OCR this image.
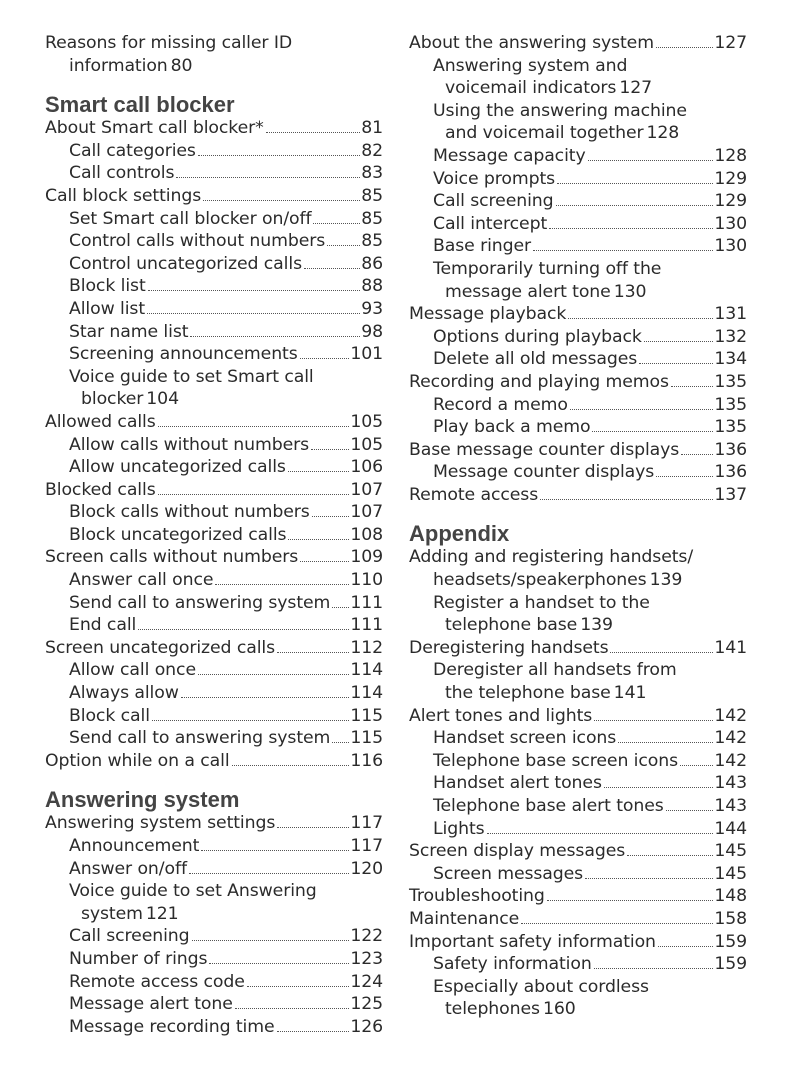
Reasons for missing caller ID
information 80
Smart call blocker
About Smart call blocker*	81
Call categories	82
Call controls	83
Call block settings	85
Set Smart call blocker on/off	85
Control calls without numbers 85
Control uncategorized calls	86
Block list	88
Allow list	93
Star name list	98
Screening announcements	101
Voice guide to set Smart call
blocker 104
Allowed calls	105
Allow calls without numbers 105
Allow uncategorized calls	106
Blocked calls	107
Block calls without numbers 107
Block uncategorized calls	108
Screen calls without numbers	109
Answer call once	110
Send call to answering system 111
End call	111
Screen uncategorized calls	112
Allow call once	114
Always allow	114
Block call	115
Send call to answering system 115
Option while on a call	116
Answering system
Answering system settings	117
Announcement	117
Answer on/off	120
Voice guide to set Answering
system 121
Call screening	122
Number of rings	123
Remote access code	124
Message alert tone	125
Message recording time	126
About the answering system	127
Answering system and
voicemail indicators 127
Using the answering machine
and voicemail together 128
Message capacity	128
Voice prompts	129
Call screening	129
Call intercept	130
Base ringer	130
Temporarily turning off the
message alert tone 130
Message playback	131
Options during playback	132
Delete all old messages	134
Recording and playing memos	135
Record a memo	135
Play back a memo	135
Base message counter displays 136
Message counter displays	136
Remote access	137
Appendix
Adding and registering handsets/
headsets/speakerphones 139
Register a handset to the
telephone base 139
Deregistering handsets	141
Deregister all handsets from
the telephone base 141
Alert tones and lights	142
Handset screen icons	142
Telephone base screen icons 142
Handset alert tones	143
Telephone base alert tones	143
Lights	144
Screen display messages	145
Screen messages	145
Troubleshooting	148
Maintenance	158
Important safety information	159
Safety information	159
Especially about cordless
telephones 160
